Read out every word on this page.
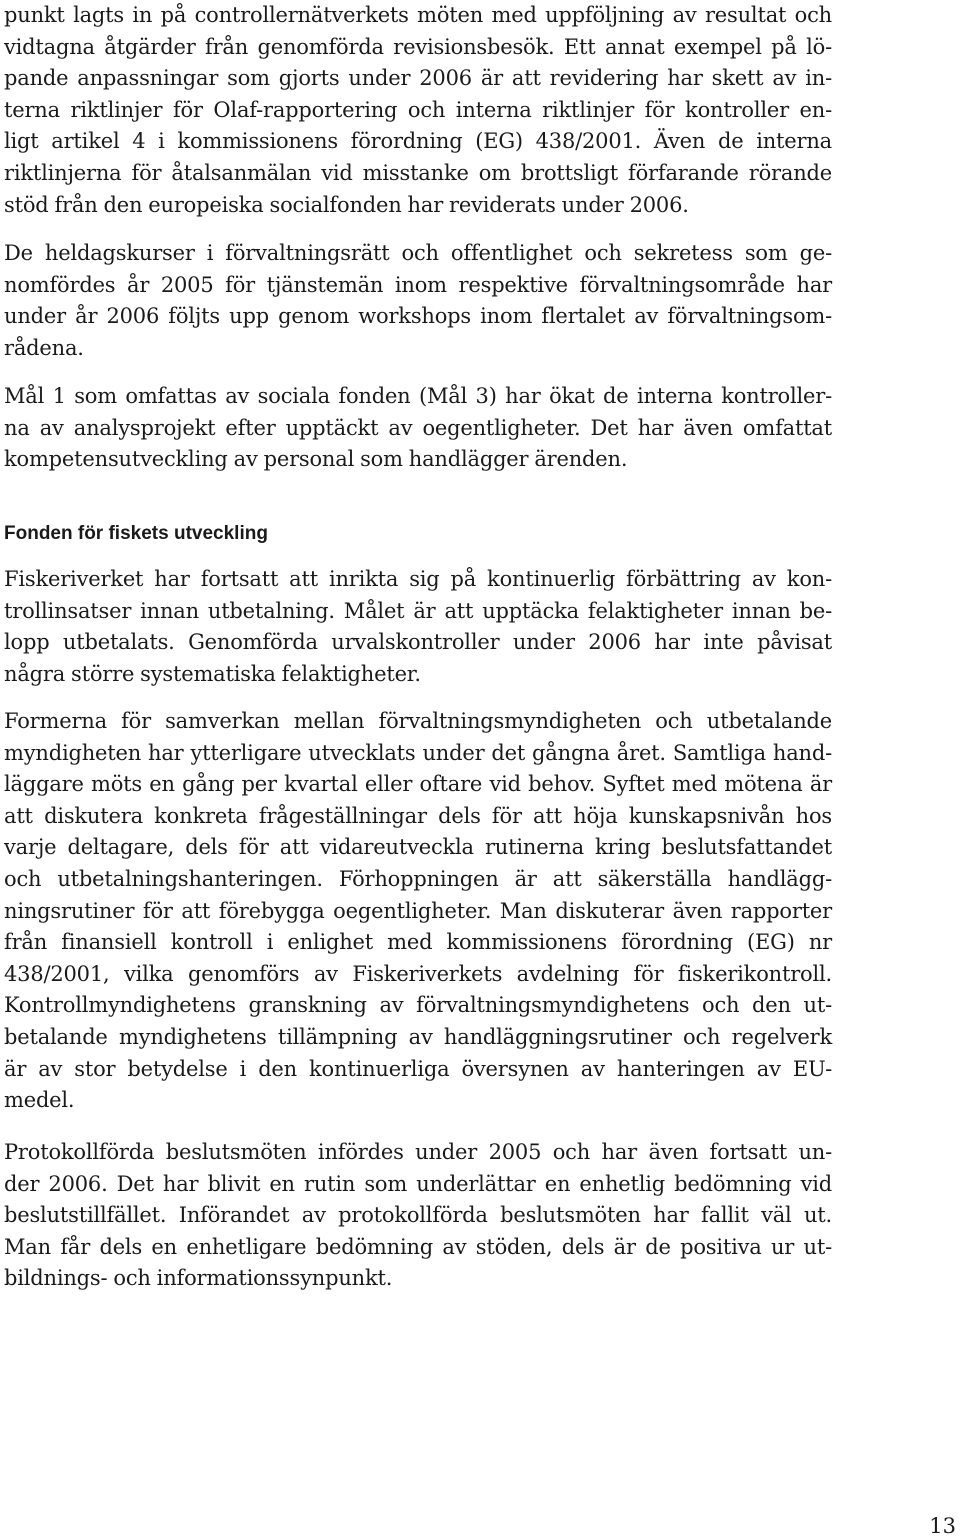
punkt lagts in på controllernätverkets möten med uppföljning av resultat och
vidtagna åtgärder från genomförda revisionsbesök. Ett annat exempel på lö-
pande anpassningar som gjorts under 2006 är att revidering har skett av in-
terna riktlinjer för Olaf-rapportering och interna riktlinjer för kontroller en-
ligt artikel 4 i kommissionens förordning (EG) 438/2001. Även de interna
riktlinjerna för åtalsanmälan vid misstanke om brottsligt förfarande rörande
stöd från den europeiska socialfonden har reviderats under 2006.
De heldagskurser i förvaltningsrätt och offentlighet och sekretess som ge-
nomfördes år 2005 för tjänstemän inom respektive förvaltningsområde har
under år 2006 följts upp genom workshops inom flertalet av förvaltningsom-
rådena.
Mål 1 som omfattas av sociala fonden (Mål 3) har ökat de interna kontroller-
na av analysprojekt efter upptäckt av oegentligheter. Det har även omfattat
kompetensutveckling av personal som handlägger ärenden.
Fonden för fiskets utveckling
Fiskeriverket har fortsatt att inrikta sig på kontinuerlig förbättring av kon-
trollinsatser innan utbetalning. Målet är att upptäcka felaktigheter innan be-
lopp utbetalats. Genomförda urvalskontroller under 2006 har inte påvisat
några större systematiska felaktigheter.
Formerna för samverkan mellan förvaltningsmyndigheten och utbetalande
myndigheten har ytterligare utvecklats under det gångna året. Samtliga hand-
läggare möts en gång per kvartal eller oftare vid behov. Syftet med mötena är
att diskutera konkreta frågeställningar dels för att höja kunskapsnivån hos
varje deltagare, dels för att vidareutveckla rutinerna kring beslutsfattandet
och utbetalningshanteringen. Förhoppningen är att säkerställa handlägg-
ningsrutiner för att förebygga oegentligheter. Man diskuterar även rapporter
från finansiell kontroll i enlighet med kommissionens förordning (EG) nr
438/2001, vilka genomförs av Fiskeriverkets avdelning för fiskerikontroll.
Kontrollmyndighetens granskning av förvaltningsmyndighetens och den ut-
betalande myndighetens tillämpning av handläggningsrutiner och regelverk
är av stor betydelse i den kontinuerliga översynen av hanteringen av EU-
medel.
Protokollförda beslutsmöten infördes under 2005 och har även fortsatt un-
der 2006. Det har blivit en rutin som underlättar en enhetlig bedömning vid
beslutstillfället. Införandet av protokollförda beslutsmöten har fallit väl ut.
Man får dels en enhetligare bedömning av stöden, dels är de positiva ur ut-
bildnings- och informationssynpunkt.
13
